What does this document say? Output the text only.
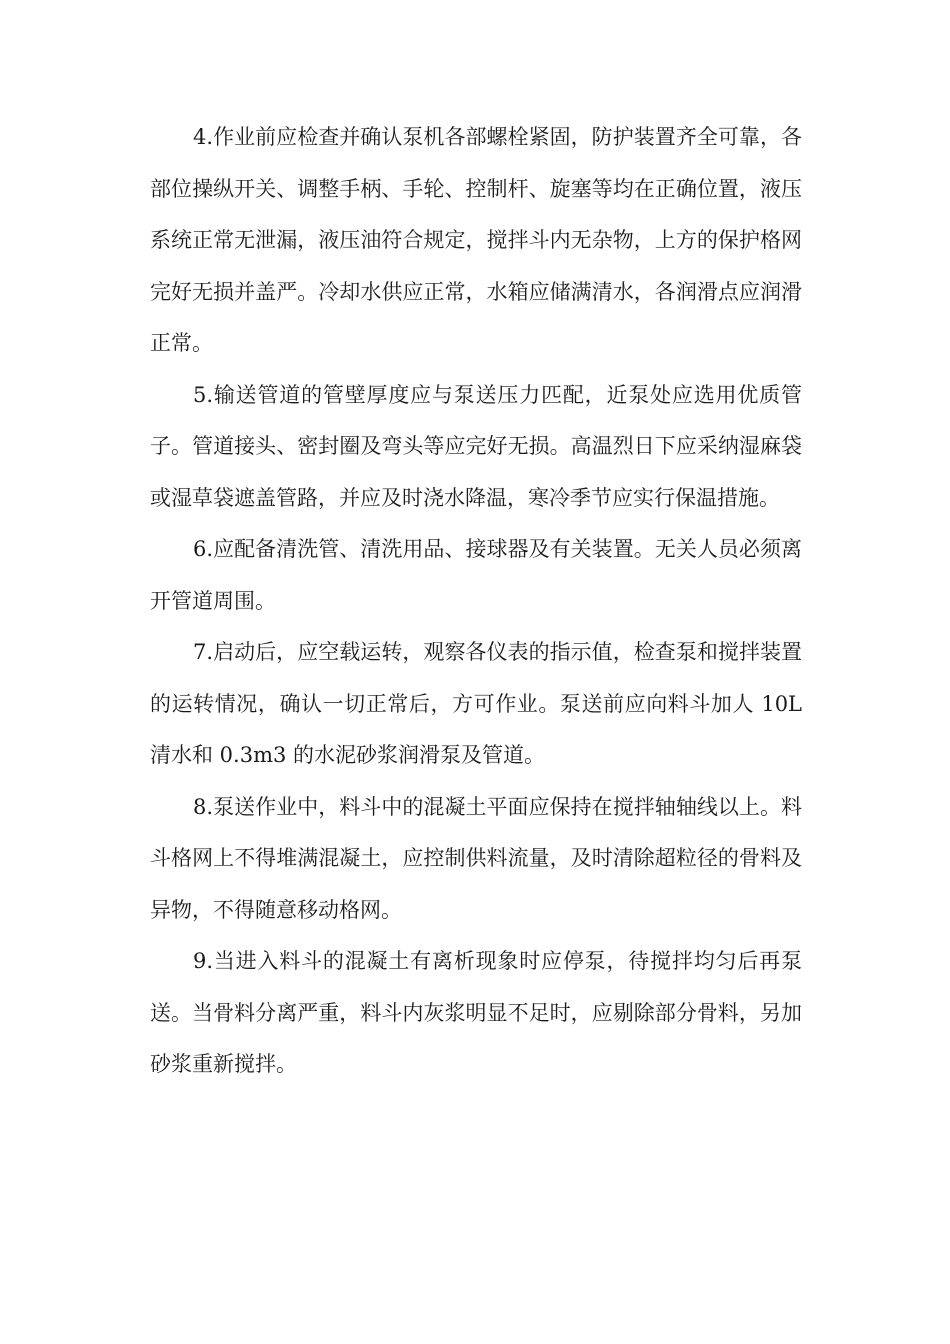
4.作业前应检查并确认泵机各部螺栓紧固，防护装置齐全可靠，各部位操纵开关、调整手柄、手轮、控制杆、旋塞等均在正确位置，液压系统正常无泄漏，液压油符合规定，搅拌斗内无杂物，上方的保护格网完好无损并盖严。冷却水供应正常，水箱应储满清水，各润滑点应润滑正常。

5.输送管道的管壁厚度应与泵送压力匹配，近泵处应选用优质管子。管道接头、密封圈及弯头等应完好无损。高温烈日下应采纳湿麻袋或湿草袋遮盖管路，并应及时浇水降温，寒冷季节应实行保温措施。

6.应配备清洗管、清洗用品、接球器及有关装置。无关人员必须离开管道周围。

7.启动后，应空载运转，观察各仪表的指示值，检查泵和搅拌装置的运转情况，确认一切正常后，方可作业。泵送前应向料斗加人 10L 清水和 0.3m3 的水泥砂浆润滑泵及管道。

8.泵送作业中，料斗中的混凝土平面应保持在搅拌轴轴线以上。料斗格网上不得堆满混凝土，应控制供料流量，及时清除超粒径的骨料及异物，不得随意移动格网。

9.当进入料斗的混凝土有离析现象时应停泵，待搅拌均匀后再泵送。当骨料分离严重，料斗内灰浆明显不足时，应剔除部分骨料，另加砂浆重新搅拌。
